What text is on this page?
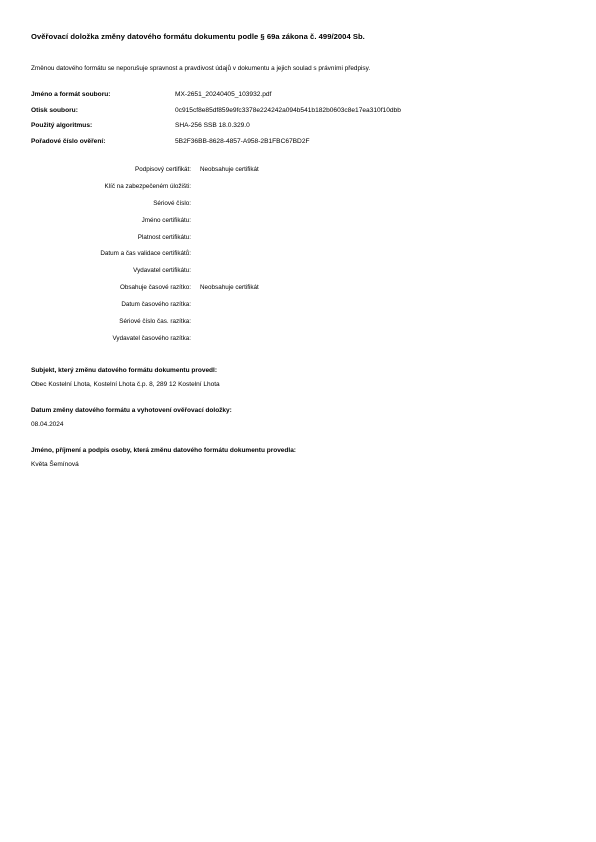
Ověřovací doložka změny datového formátu dokumentu podle § 69a zákona č. 499/2004 Sb.
Změnou datového formátu se neporušuje spravnost a pravdivost údajů v dokumentu a jejich soulad s právními předpisy.
Jméno a formát souboru:	MX-2651_20240405_103932.pdf
Otisk souboru:	0c915cf8e85df859e9fc3378e224242a094b541b182b0603c8e17ea310f10dbb
Použitý algoritmus:	SHA-256 SSB 18.0.329.0
Pořadové číslo ověření:	5B2F36BB-8628-4857-A958-2B1FBC67BD2F
Podpisový certifikát: Neobsahuje certifikát
Klíč na zabezpečeném úložišti:
Sériové číslo:
Jméno certifikátu:
Platnost certifikátu:
Datum a čas validace certifikátů:
Vydavatel certifikátu:
Obsahuje časové razítko: Neobsahuje certifikát
Datum časového razítka:
Sériové číslo čas. razítka:
Vydavatel časového razítka:
Subjekt, který změnu datového formátu dokumentu provedl:
Obec Kostelní Lhota, Kostelní Lhota č.p. 8, 289 12 Kostelní Lhota
Datum změny datového formátu a vyhotovení ověřovací doložky:
08.04.2024
Jméno, příjmení a podpis osoby, která změnu datového formátu dokumentu provedla:
Květa Šemínová
